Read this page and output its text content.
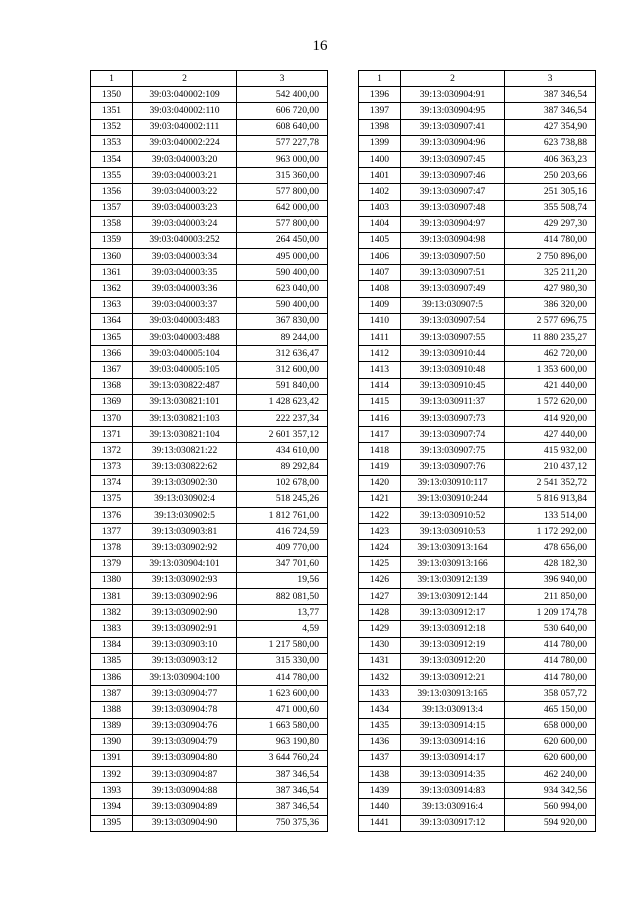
16
1	2	3
1350	39:03:040002:109	542 400,00
1351	39:03:040002:110	606 720,00
1352	39:03:040002:111	608 640,00
1353	39:03:040002:224	577 227,78
1354	39:03:040003:20	963 000,00
1355	39:03:040003:21	315 360,00
1356	39:03:040003:22	577 800,00
1357	39:03:040003:23	642 000,00
1358	39:03:040003:24	577 800,00
1359	39:03:040003:252	264 450,00
1360	39:03:040003:34	495 000,00
1361	39:03:040003:35	590 400,00
1362	39:03:040003:36	623 040,00
1363	39:03:040003:37	590 400,00
1364	39:03:040003:483	367 830,00
1365	39:03:040003:488	89 244,00
1366	39:03:040005:104	312 636,47
1367	39:03:040005:105	312 600,00
1368	39:13:030822:487	591 840,00
1369	39:13:030821:101	1 428 623,42
1370	39:13:030821:103	222 237,34
1371	39:13:030821:104	2 601 357,12
1372	39:13:030821:22	434 610,00
1373	39:13:030822:62	89 292,84
1374	39:13:030902:30	102 678,00
1375	39:13:030902:4	518 245,26
1376	39:13:030902:5	1 812 761,00
1377	39:13:030903:81	416 724,59
1378	39:13:030902:92	409 770,00
1379	39:13:030904:101	347 701,60
1380	39:13:030902:93	19,56
1381	39:13:030902:96	882 081,50
1382	39:13:030902:90	13,77
1383	39:13:030902:91	4,59
1384	39:13:030903:10	1 217 580,00
1385	39:13:030903:12	315 330,00
1386	39:13:030904:100	414 780,00
1387	39:13:030904:77	1 623 600,00
1388	39:13:030904:78	471 000,60
1389	39:13:030904:76	1 663 580,00
1390	39:13:030904:79	963 190,80
1391	39:13:030904:80	3 644 760,24
1392	39:13:030904:87	387 346,54
1393	39:13:030904:88	387 346,54
1394	39:13:030904:89	387 346,54
1395	39:13:030904:90	750 375,36
1	2	3
1396	39:13:030904:91	387 346,54
1397	39:13:030904:95	387 346,54
1398	39:13:030907:41	427 354,90
1399	39:13:030904:96	623 738,88
1400	39:13:030907:45	406 363,23
1401	39:13:030907:46	250 203,66
1402	39:13:030907:47	251 305,16
1403	39:13:030907:48	355 508,74
1404	39:13:030904:97	429 297,30
1405	39:13:030904:98	414 780,00
1406	39:13:030907:50	2 750 896,00
1407	39:13:030907:51	325 211,20
1408	39:13:030907:49	427 980,30
1409	39:13:030907:5	386 320,00
1410	39:13:030907:54	2 577 696,75
1411	39:13:030907:55	11 880 235,27
1412	39:13:030910:44	462 720,00
1413	39:13:030910:48	1 353 600,00
1414	39:13:030910:45	421 440,00
1415	39:13:030911:37	1 572 620,00
1416	39:13:030907:73	414 920,00
1417	39:13:030907:74	427 440,00
1418	39:13:030907:75	415 932,00
1419	39:13:030907:76	210 437,12
1420	39:13:030910:117	2 541 352,72
1421	39:13:030910:244	5 816 913,84
1422	39:13:030910:52	133 514,00
1423	39:13:030910:53	1 172 292,00
1424	39:13:030913:164	478 656,00
1425	39:13:030913:166	428 182,30
1426	39:13:030912:139	396 940,00
1427	39:13:030912:144	211 850,00
1428	39:13:030912:17	1 209 174,78
1429	39:13:030912:18	530 640,00
1430	39:13:030912:19	414 780,00
1431	39:13:030912:20	414 780,00
1432	39:13:030912:21	414 780,00
1433	39:13:030913:165	358 057,72
1434	39:13:030913:4	465 150,00
1435	39:13:030914:15	658 000,00
1436	39:13:030914:16	620 600,00
1437	39:13:030914:17	620 600,00
1438	39:13:030914:35	462 240,00
1439	39:13:030914:83	934 342,56
1440	39:13:030916:4	560 994,00
1441	39:13:030917:12	594 920,00
